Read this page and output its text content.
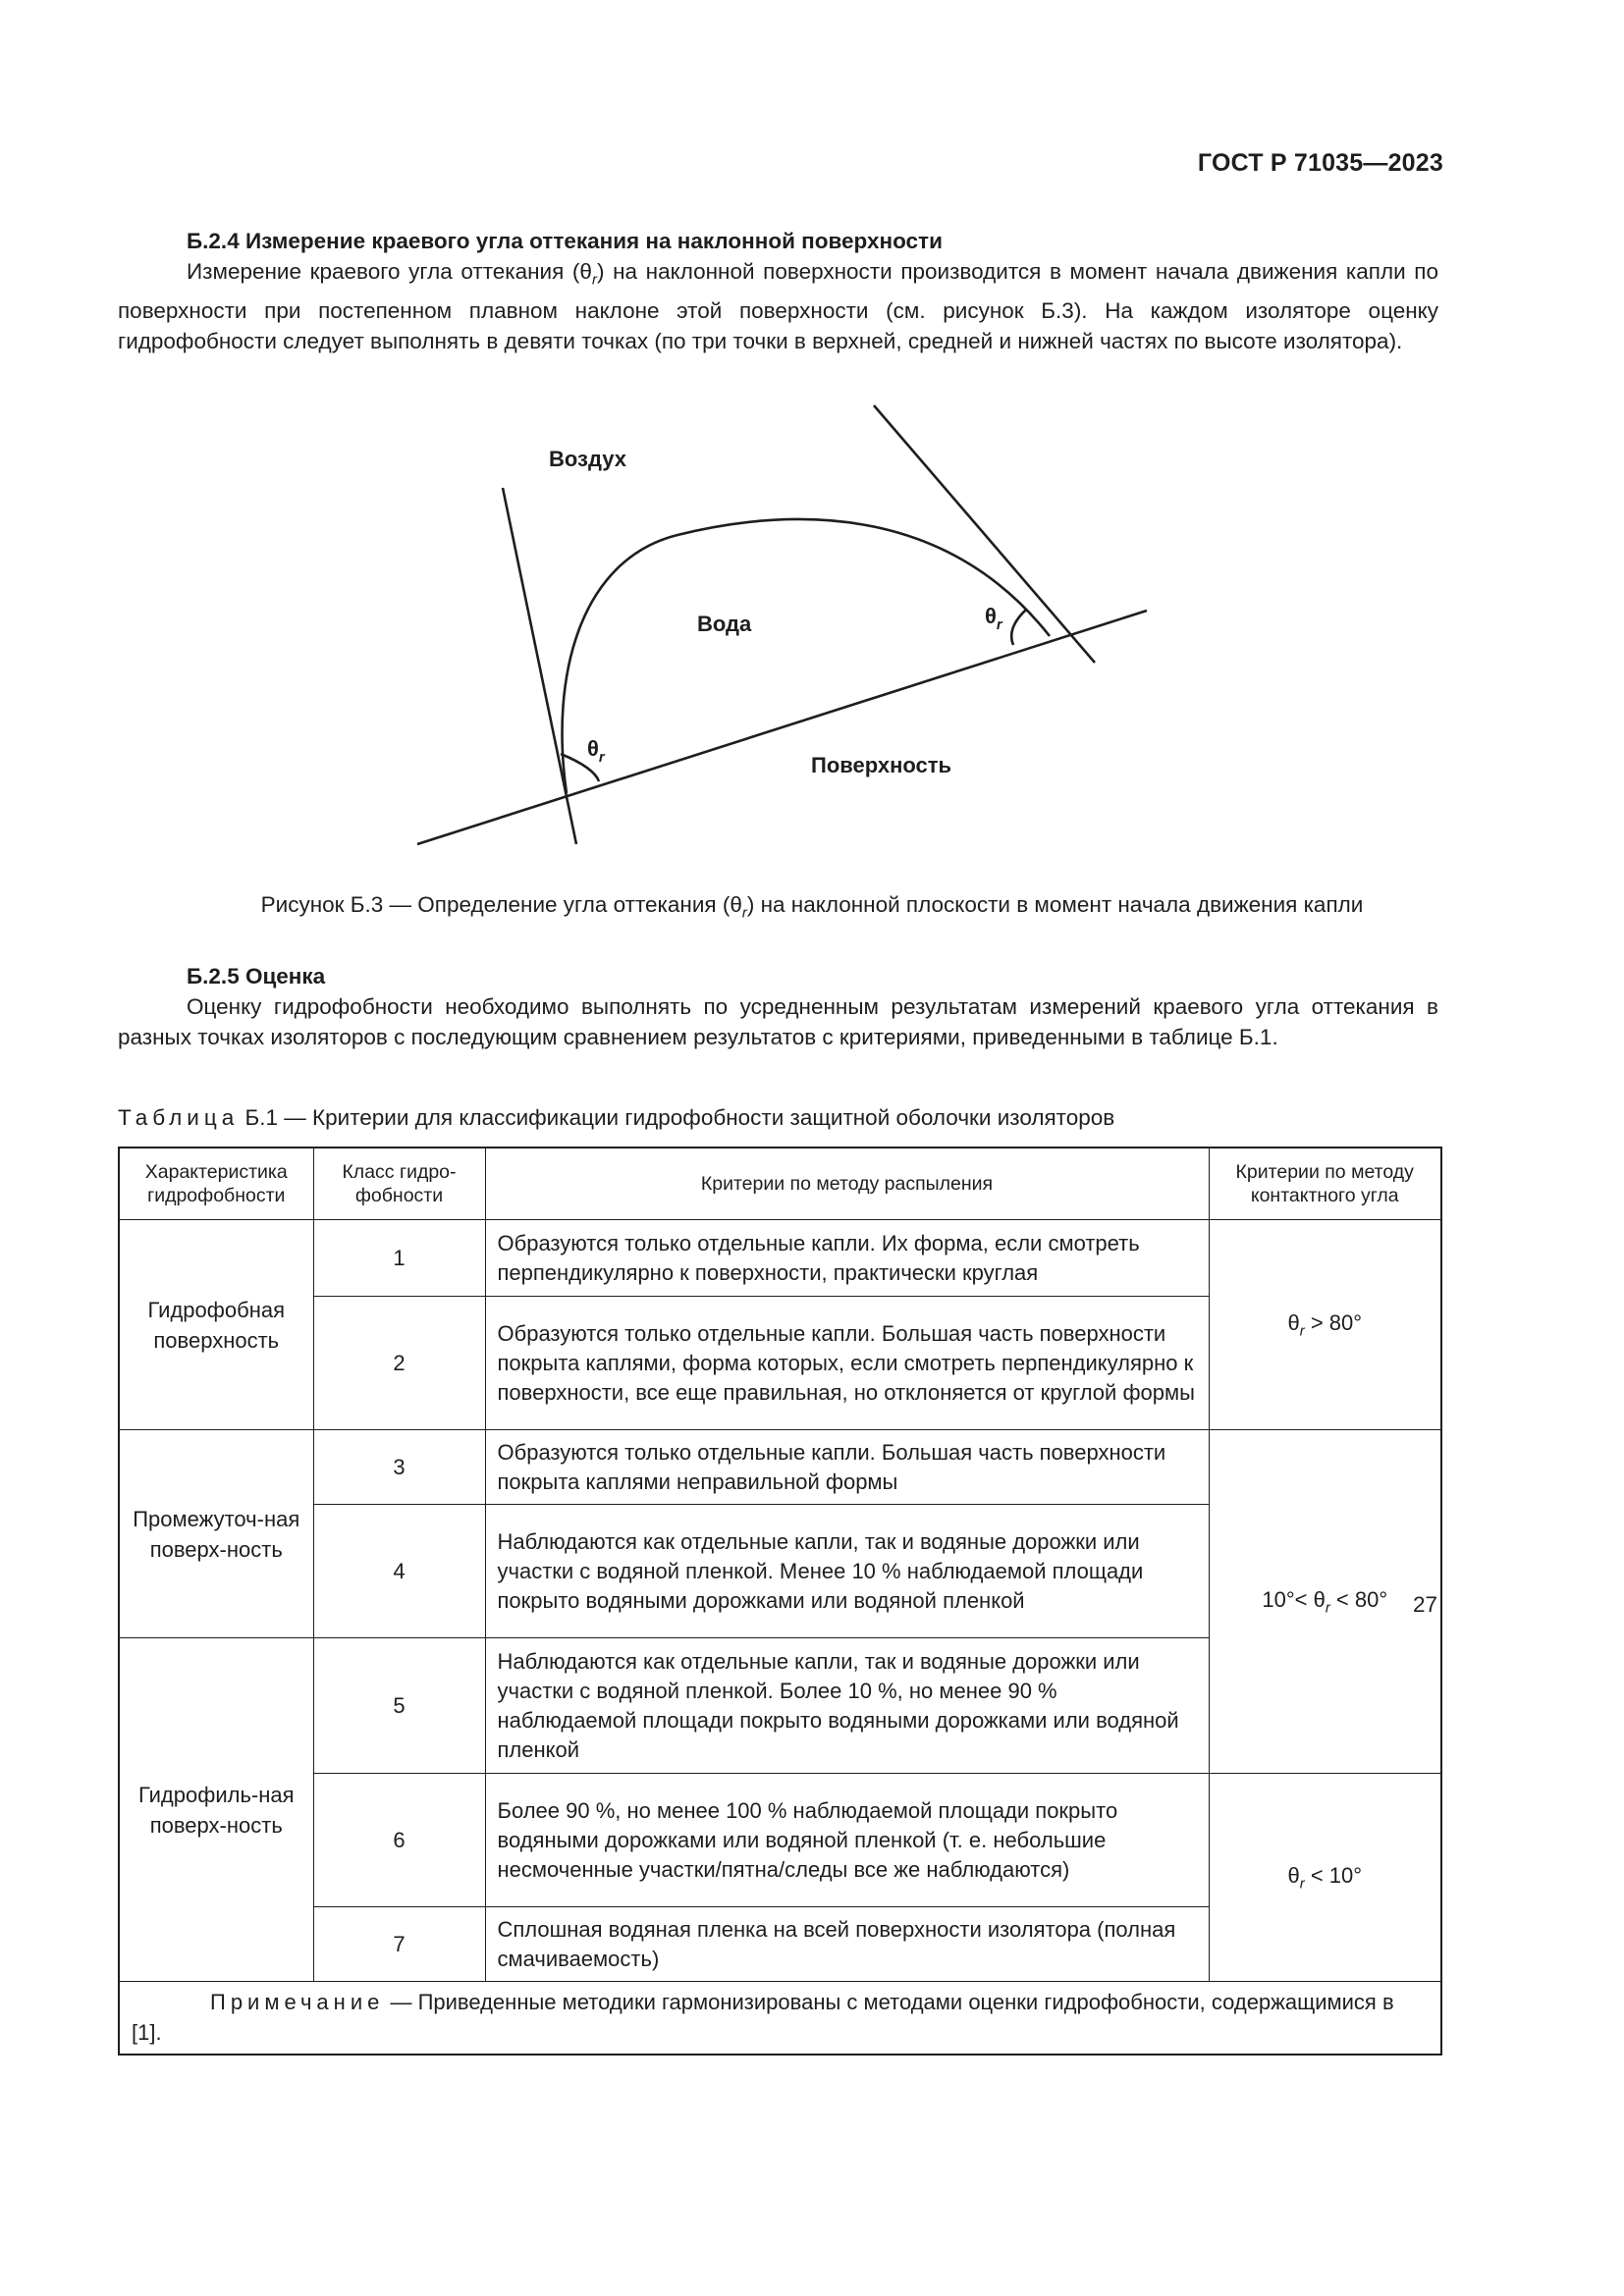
ГОСТ Р 71035—2023
Б.2.4 Измерение краевого угла оттекания на наклонной поверхности

Измерение краевого угла оттекания $(\theta_r)$ на наклонной поверхности производится в момент начала движения капли по поверхности при постепенном плавном наклоне этой поверхности (см. рисунок Б.3). На каждом изоляторе оценку гидрофобности следует выполнять в девяти точках (по три точки в верхней, средней и нижней частях по высоте изолятора).

Воздух
Вода
Поверхность
$\theta_r$
$\theta_r$
Рисунок Б.3 — Определение угла оттекания $(\theta_r)$ на наклонной плоскости в момент начала движения капли
Б.2.5 Оценка

Оценку гидрофобности необходимо выполнять по усредненным результатам измерений краевого угла оттекания в разных точках изоляторов с последующим сравнением результатов с критериями, приведенными в таблице Б.1.

Таблица Б.1 — Критерии для классификации гидрофобности защитной оболочки изоляторов
Характеристика гидрофобности	Класс гидро-фобности	Критерии по методу распыления	Критерии по методу контактного угла
Гидрофобная поверхность	1	Образуются только отдельные капли. Их форма, если смотреть перпендикулярно к поверхности, практически круглая	$\theta_r > 80^\circ$
	2	Образуются только отдельные капли. Большая часть поверхности покрыта каплями, форма которых, если смотреть перпендикулярно к поверхности, все еще правильная, но отклоняется от круглой формы	
Промежуточ-ная поверх-ность	3	Образуются только отдельные капли. Большая часть поверхности покрыта каплями неправильной формы	$10^\circ< \theta_r < 80^\circ$
	4	Наблюдаются как отдельные капли, так и водяные дорожки или участки с водяной пленкой. Менее 10 % наблюдаемой площади покрыто водяными дорожками или водяной пленкой	
Гидрофиль-ная поверх-ность	5	Наблюдаются как отдельные капли, так и водяные дорожки или участки с водяной пленкой. Более 10 %, но менее 90 % наблюдаемой площади покрыто водяными дорожками или водяной пленкой	
	6	Более 90 %, но менее 100 % наблюдаемой площади покрыто водяными дорожками или водяной пленкой (т. е. небольшие несмоченные участки/пятна/следы все же наблюдаются)	$\theta_r < 10^\circ$
	7	Сплошная водяная пленка на всей поверхности изолятора (полная смачиваемость)	
Примечание — Приведенные методики гармонизированы с методами оценки гидрофобности, содержащимися в [1].			
27
